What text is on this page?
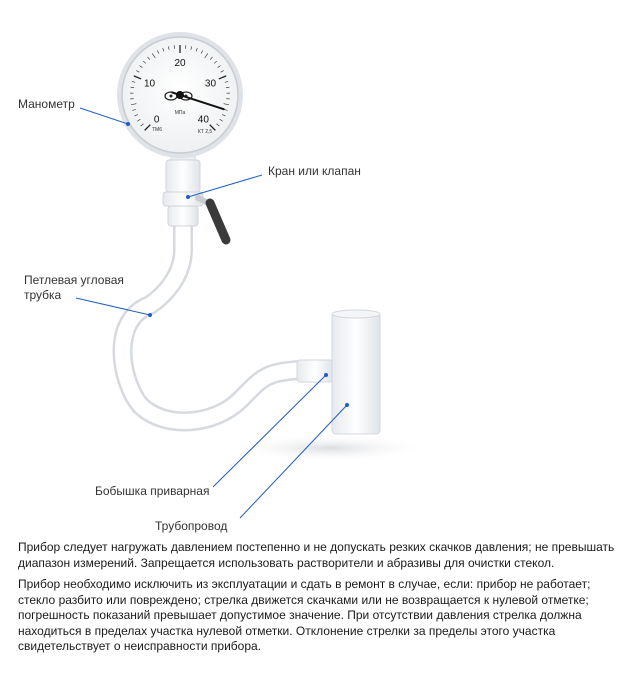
0
10
20
30
40
МПа
ТМ6	КТ 2,5
Манометр
Кран или клапан
Петлевая угловая
трубка
Бобышка приварная
Трубопровод

Прибор следует нагружать давлением постепенно и не допускать резких скачков давления; не превышать диапазон измерений. Запрещается использовать растворители и абразивы для очистки стекол.

Прибор необходимо исключить из эксплуатации и сдать в ремонт в случае, если: прибор не работает; стекло разбито или повреждено; стрелка движется скачками или не возвращается к нулевой отметке; погрешность показаний превышает допустимое значение. При отсутствии давления стрелка должна находиться в пределах участка нулевой отметки. Отклонение стрелки за пределы этого участка свидетельствует о неисправности прибора.
